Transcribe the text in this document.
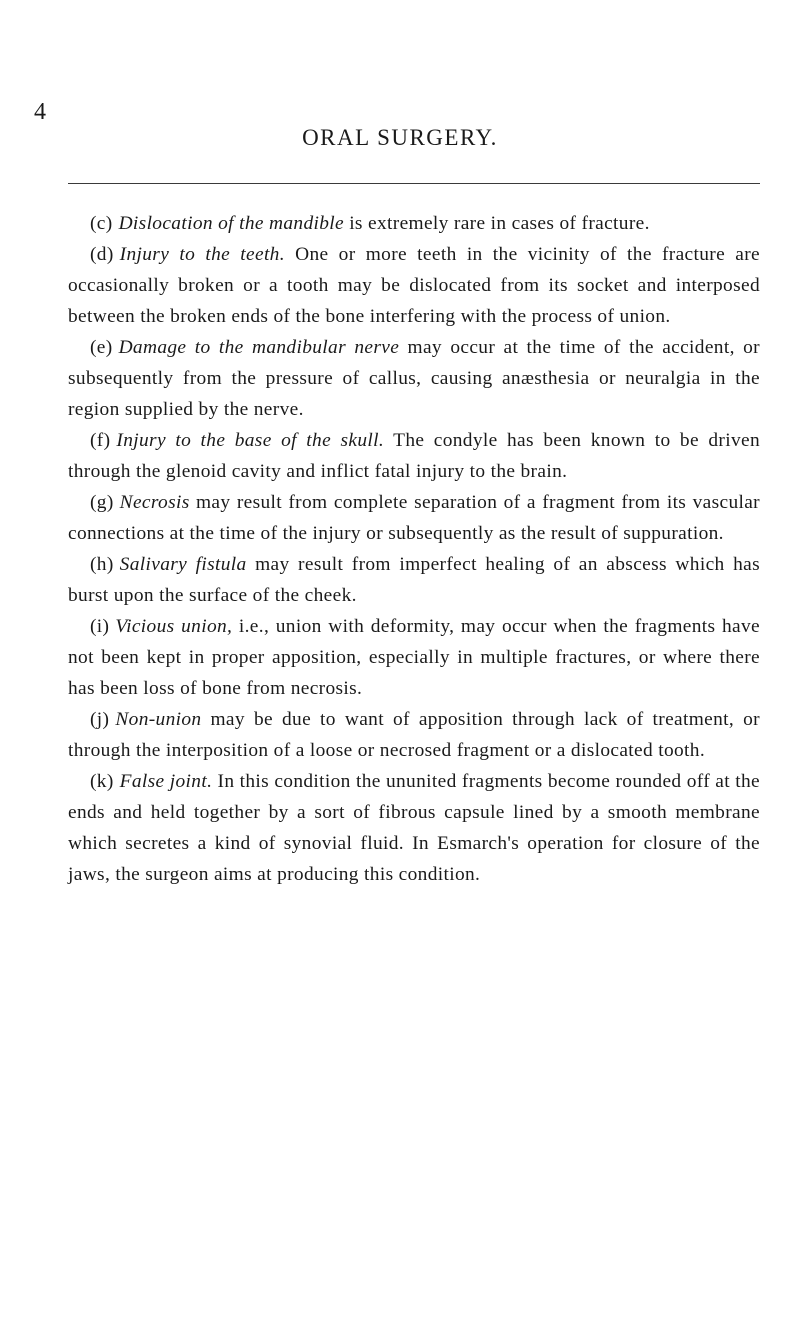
4
ORAL SURGERY.

(c) Dislocation of the mandible is extremely rare in cases of fracture.

(d) Injury to the teeth. One or more teeth in the vicinity of the fracture are occasionally broken or a tooth may be dislocated from its socket and interposed between the broken ends of the bone interfering with the process of union.

(e) Damage to the mandibular nerve may occur at the time of the accident, or subsequently from the pressure of callus, causing anæsthesia or neuralgia in the region supplied by the nerve.

(f) Injury to the base of the skull. The condyle has been known to be driven through the glenoid cavity and inflict fatal injury to the brain.

(g) Necrosis may result from complete separation of a fragment from its vascular connections at the time of the injury or subsequently as the result of suppuration.

(h) Salivary fistula may result from imperfect healing of an abscess which has burst upon the surface of the cheek.

(i) Vicious union, i.e., union with deformity, may occur when the fragments have not been kept in proper apposition, especially in multiple fractures, or where there has been loss of bone from necrosis.

(j) Non-union may be due to want of apposition through lack of treatment, or through the interposition of a loose or necrosed fragment or a dislocated tooth.

(k) False joint. In this condition the ununited fragments become rounded off at the ends and held together by a sort of fibrous capsule lined by a smooth membrane which secretes a kind of synovial fluid. In Esmarch's operation for closure of the jaws, the surgeon aims at producing this condition.
